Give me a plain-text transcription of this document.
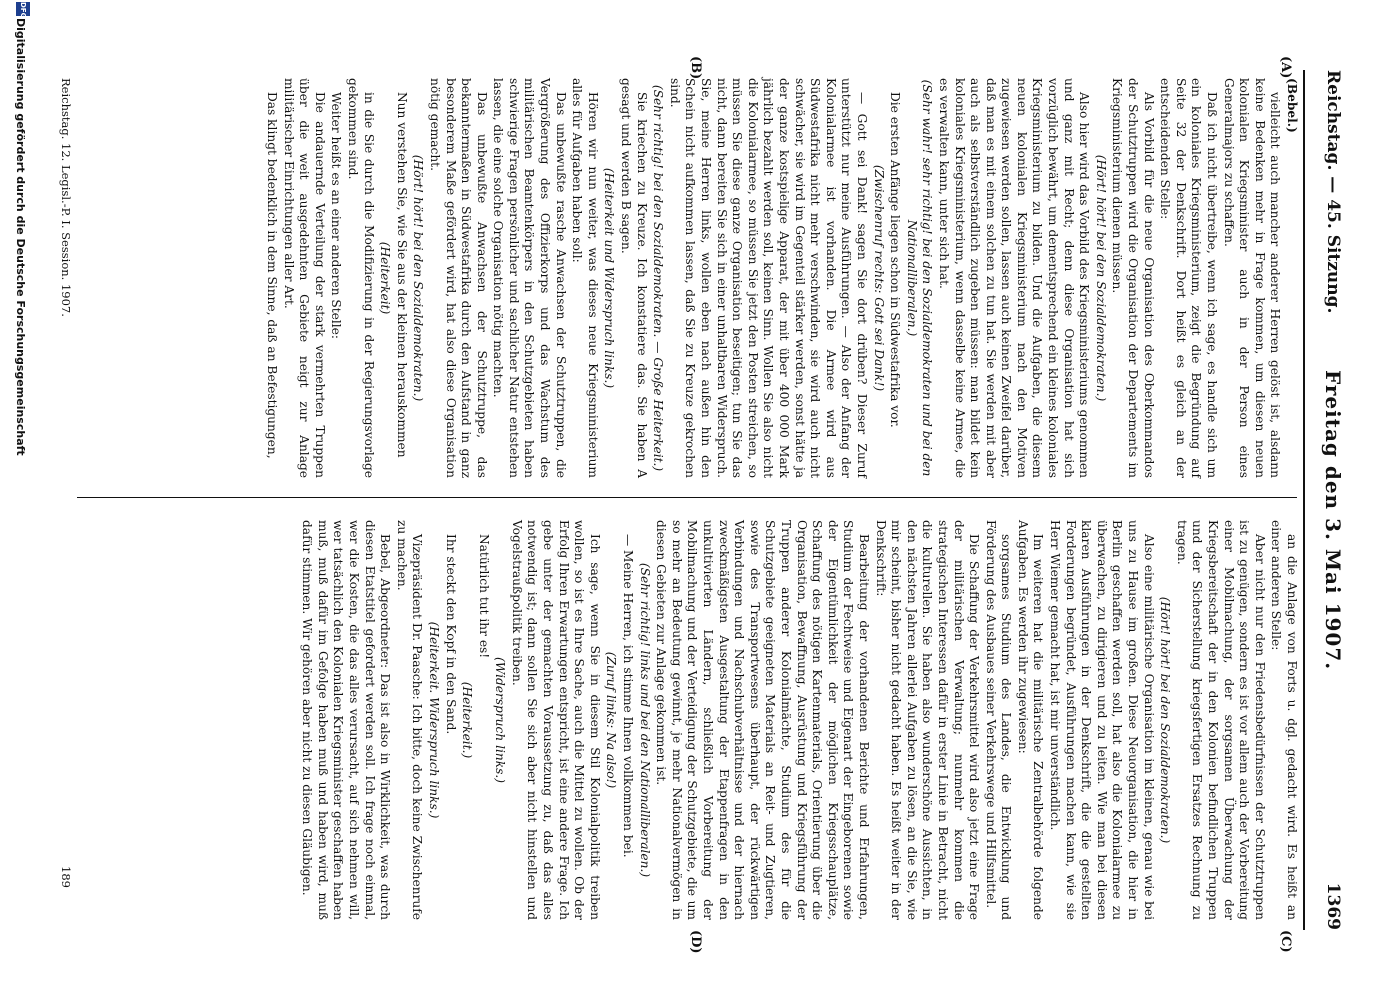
Reichstag. — 45. Sitzung.
Freitag den 3. Mai 1907.
1369
(A)
(B)
(C)
(D)

(Bebel.)

vielleicht auch mancher anderer Herren gelöst ist, alsdann keine Bedenken mehr in Frage kommen, um diesen neuen kolonialen Kriegsminister auch in der Person eines Generalmajors zu schaffen.

Daß ich nicht übertreibe, wenn ich sage, es handle sich um ein koloniales Kriegsministerium, zeigt die Begründung auf Seite 32 der Denkschrift. Dort heißt es gleich an der entscheidenden Stelle:

Als Vorbild für die neue Organisation des Oberkommandos der Schutztruppen wird die Organisation der Departements im Kriegsministerium dienen müssen.

(Hört! hört! bei den Sozialdemokraten.)

Also hier wird das Vorbild des Kriegsministeriums genommen und ganz mit Recht; denn diese Organisation hat sich vorzüglich bewährt, um dementsprechend ein kleines koloniales Kriegsministerium zu bilden. Und die Aufgaben, die diesem neuen kolonialen Kriegsministerium nach den Motiven zugewiesen werden sollen, lassen auch keinen Zweifel darüber, daß man es mit einem solchen zu tun hat. Sie werden mit aber auch als selbstverständlich zugeben müssen: man bildet kein koloniales Kriegsministerium, wenn dasselbe keine Armee, die es verwalten kann, unter sich hat.

(Sehr wahr! sehr richtig! bei den Sozialdemokraten und bei den Nationalliberalen.)

Die ersten Anfänge liegen schon in Südwestafrika vor.

(Zwischenruf rechts: Gott sei Dank!)

— Gott sei Dank! sagen Sie dort drüben? Dieser Zuruf unterstützt nur meine Ausführungen. — Also der Anfang der Kolonialarmee ist vorhanden. Die Armee wird aus Südwestafrika nicht mehr verschwinden, sie wird auch nicht schwächer, sie wird im Gegenteil stärker werden, sonst hätte ja der ganze kostspielige Apparat, der mit über 400 000 Mark jährlich bezahlt werden soll, keinen Sinn. Wollen Sie also nicht die Kolonialarmee, so müssen Sie jetzt den Posten streichen, so müssen Sie diese ganze Organisation beseitigen; tun Sie das nicht, dann bereiten Sie sich in einer unhaltbaren Widerspruch. Sie, meine Herren links, wollen eben nach außen hin den Schein nicht aufkommen lassen, daß Sie zu Kreuze gekrochen sind.

(Sehr richtig! bei den Sozialdemokraten. — Große Heiterkeit.)

Sie kriechen zu Kreuze. Ich konstatiere das. Sie haben A gesagt und werden B sagen.

(Heiterkeit und Widerspruch links.)

Hören wir nun weiter, was dieses neue Kriegsministerium alles für Aufgaben haben soll:

Das unbewußte rasche Anwachsen der Schutztruppen, die Vergrößerung des Offizierkorps und das Wachstum des militärischen Beamtenkörpers in den Schutzgebieten haben schwierige Fragen persönlicher und sachlicher Natur entstehen lassen, die eine solche Organisation nötig machten.

Das unbewußte Anwachsen der Schutztruppe, das bekanntermaßen in Südwestafrika durch den Aufstand in ganz besonderem Maße gefördert wird, hat also diese Organisation nötig gemacht.

(Hört! hört! bei den Sozialdemokraten.)

Nun verstehen Sie, wie Sie aus der kleinen herauskommen

(Heiterkeit)

in die Sie durch die Modifizierung in der Regierungsvorlage gekommen sind.

Weiter heißt es an einer anderen Stelle:

Die andauernde Verteilung der stark vermehrten Truppen über die weit ausgedehnten Gebiete neigt zur Anlage militärischer Einrichtungen aller Art.

Das klingt bedenklich in dem Sinne, daß an Befestigungen,

an die Anlage von Forts u. dgl. gedacht wird. Es heißt an einer anderen Stelle:

Aber nicht nur den Friedensbedürfnissen der Schutztruppen ist zu genügen, sondern es ist vor allem auch der Vorbereitung einer Mobilmachung, der sorgsamen Überwachung der Kriegsbereitschaft der in den Kolonien befindlichen Truppen und der Sicherstellung kriegsfertigen Ersatzes Rechnung zu tragen.

(Hört! hört! bei den Sozialdemokraten.)

Also eine militärische Organisation im kleinen, genau wie bei uns zu Hause im großen. Diese Neuorganisation, die hier in Berlin geschaffen werden soll, hat also die Kolonialarmee zu überwachen, zu dirigieren und zu leiten. Wie man bei diesen klaren Ausführungen in der Denkschrift, die die gestellten Forderungen begründet, Ausführungen machen kann, wie sie Herr Wiemer gemacht hat, ist mir unverständlich.

Im weiteren hat die militärische Zentralbehörde folgende Aufgaben. Es werden ihr zugewiesen:

sorgsames Studium des Landes, die Entwicklung und Förderung des Ausbaues seiner Verkehrswege und Hilfsmittel.

Die Schaffung der Verkehrsmittel wird also jetzt eine Frage der militärischen Verwaltung; nunmehr kommen die strategischen Interessen dafür in erster Linie in Betracht, nicht die kulturellen. Sie haben also wunderschöne Aussichten, in den nächsten Jahren allerlei Aufgaben zu lösen, an die Sie, wie mir scheint, bisher nicht gedacht haben. Es heißt weiter in der Denkschrift:

Bearbeitung der vorhandenen Berichte und Erfahrungen, Studium der Fechtweise und Eigenart der Eingeborenen sowie der Eigentümlichkeit der möglichen Kriegsschauplätze, Schaffung des nötigen Kartenmaterials, Orientierung über die Organisation, Bewaffnung, Ausrüstung und Kriegsführung der Truppen anderer Kolonialmächte, Studium des für die Schutzgebiete geeigneten Materials an Reit- und Zugtieren, sowie des Transportwesens überhaupt, der rückwärtigen Verbindungen und Nachschubverhältnisse und der hiernach zweckmäßigsten Ausgestaltung der Etappenfragen in den unkultivierten Ländern, schließlich Vorbereitung der Mobilmachung und der Verteidigung der Schutzgebiete, die um so mehr an Bedeutung gewinnt, je mehr Nationalvermögen in diesen Gebieten zur Anlage gekommen ist.

(Sehr richtig! links und bei den Nationalliberalen.)

— Meine Herren, ich stimme Ihnen vollkommen bei.

(Zuruf links: Na also!)

Ich sage, wenn Sie in diesem Stil Kolonialpolitik treiben wollen, so ist es Ihre Sache, auch die Mittel zu wollen. Ob der Erfolg Ihren Erwartungen entspricht, ist eine andere Frage. Ich gebe unter der gemachten Voraussetzung zu, daß das alles notwendig ist; dann sollen Sie sich aber nicht hinstellen und Vogelstraußpolitik treiben.

(Widerspruch links.)

Natürlich tut ihr es!

(Heiterkeit.)

Ihr steckt den Kopf in den Sand.

(Heiterkeit. Widerspruch links.)

Vizepräsident Dr. Paasche: Ich bitte, doch keine Zwischenrufe zu machen.

Bebel, Abgeordneter: Das ist also in Wirklichkeit, was durch diesen Etatstitel gefordert werden soll. Ich frage noch einmal, wer die Kosten, die das alles verursacht, auf sich nehmen will, wer tatsächlich den Kolonialen Kriegsminister geschaffen haben muß, muß dafür im Gefolge haben muß und haben wird, muß dafür stimmen. Wir gehören aber nicht zu diesen Gläubigen.

Reichstag. 12. Legisl.-P. I. Session. 1907.
189
DFG
Digitalisierung gefördert durch die Deutsche Forschungsgemeinschaft
